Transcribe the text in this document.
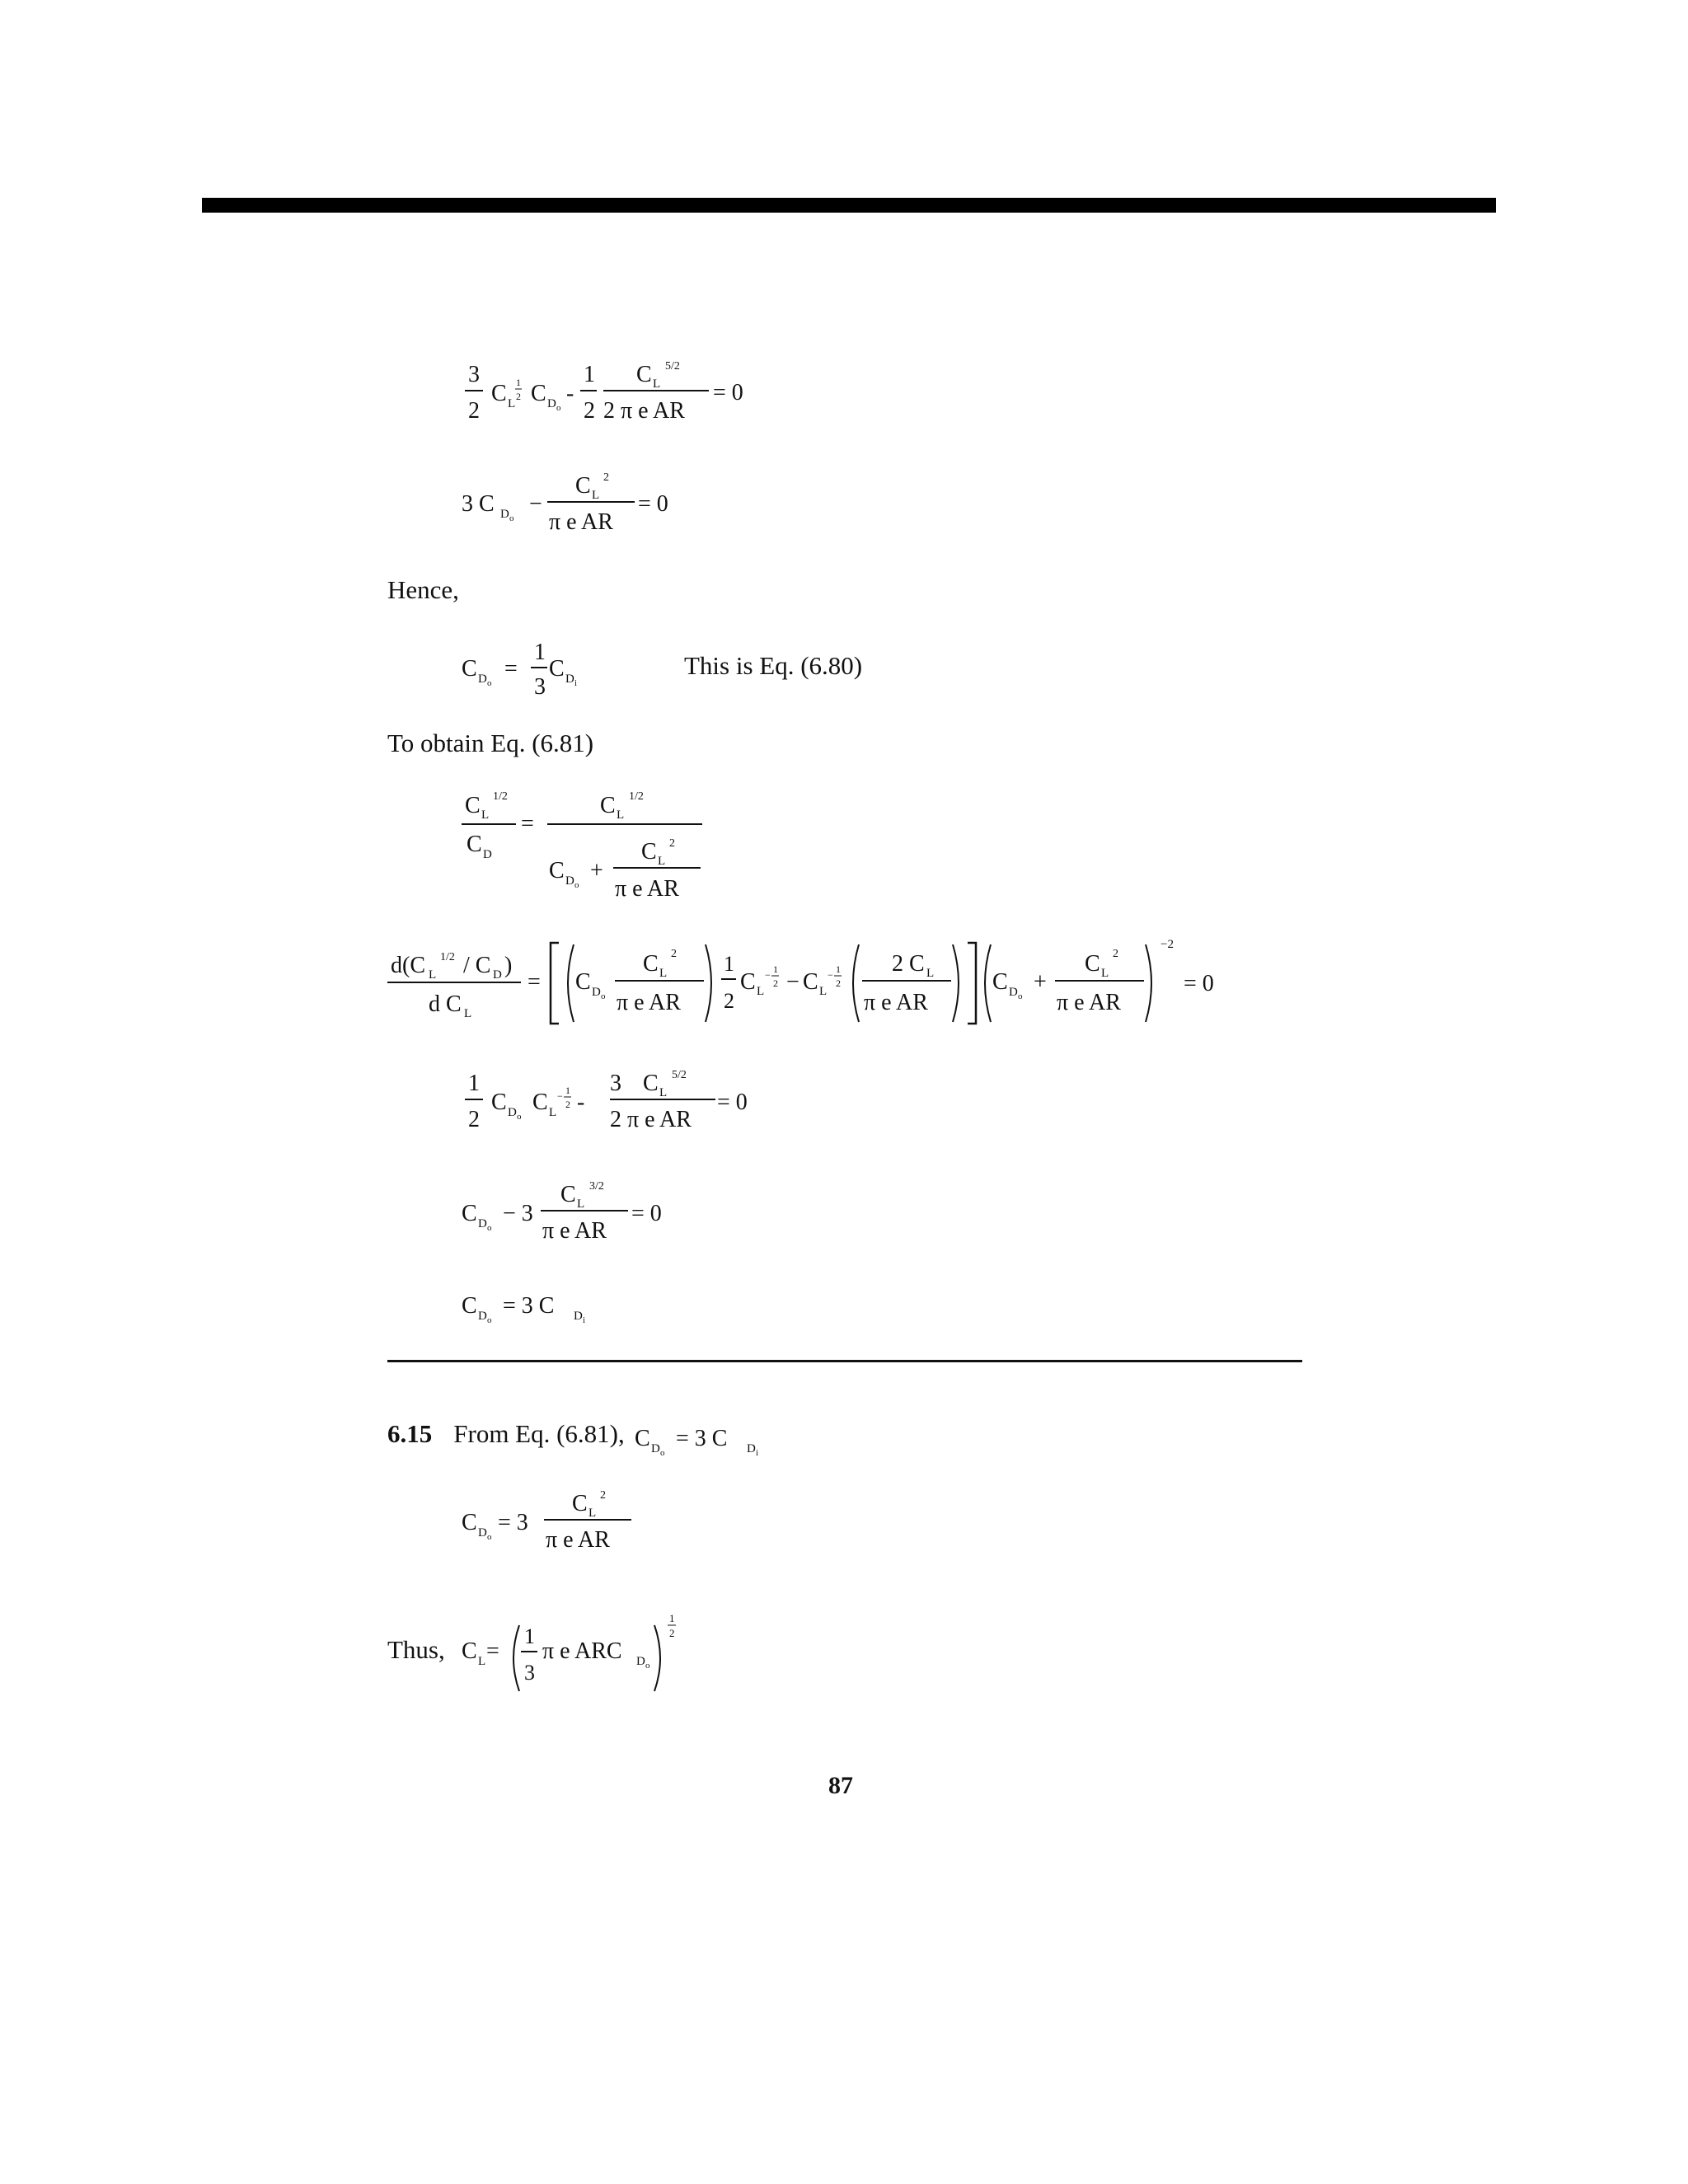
3
2
C L
1
2 C D o
-
1
2
C L
5/2
2 π e AR
= 0
3 C D o
−
C L
2
π e AR
= 0
Hence,
C D o
=
1
3
C D i
This is Eq. (6.80)
To obtain Eq. (6.81)
C L
1/2
C D
=
C L
1/2
C D o
+
C L
2
π e AR
d(C L
1/2 / C D )
d C L
= C D o
C L
2
π e AR
1
2
C L
− 1
2 − C L
− 1
2
2 C L
π e AR
C D o
+
C L
2
π e AR
−2
= 0
1
2
C D o
C L
− 1
2 -
3 C L
5/2
2 π e AR
= 0
C D o
− 3
C L
3/2
π e AR
= 0
C D o
= 3 C D i
6.15 From Eq. (6.81), C D o
= 3 C D i
C D o
= 3
C L
2
π e AR
Thus, C L =
1
3
π e ARC D o
1
2
87
